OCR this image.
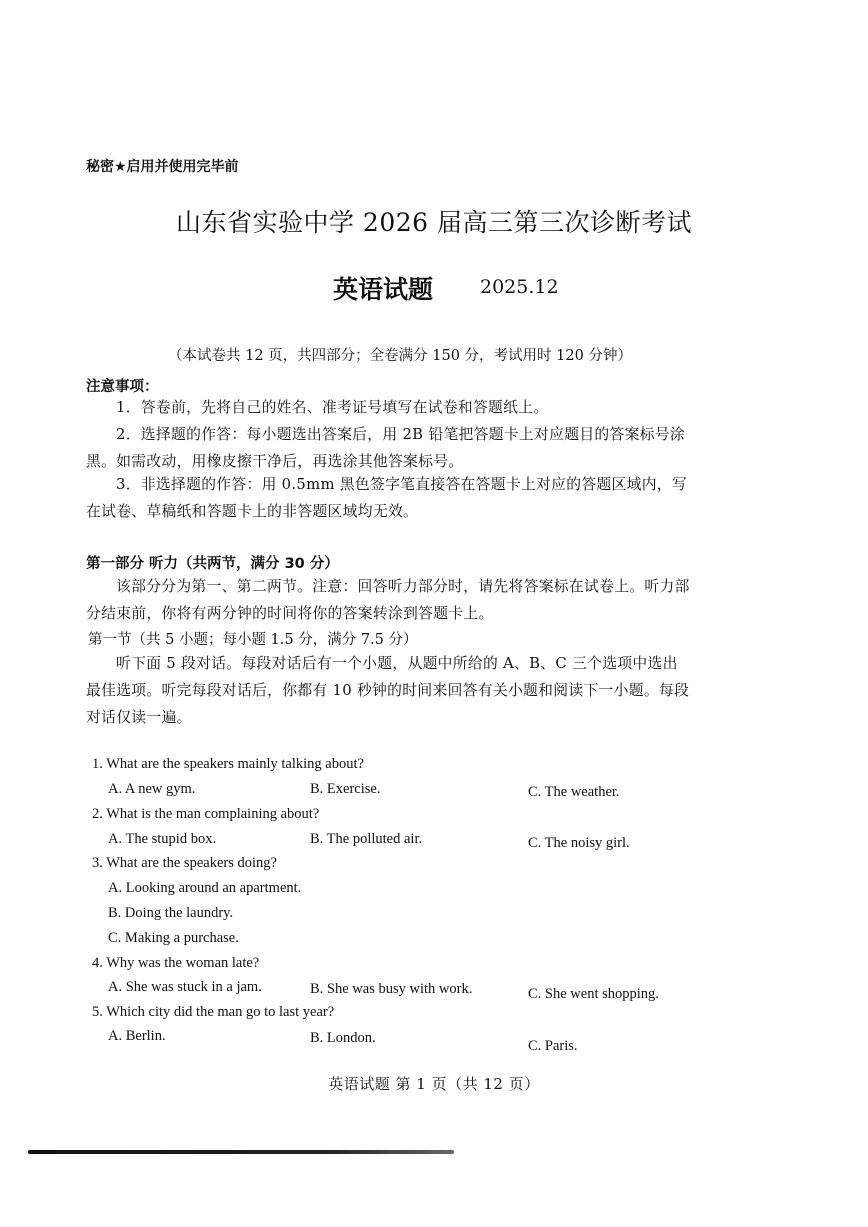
秘密★启用并使用完毕前
山东省实验中学 2026 届高三第三次诊断考试
英语试题 2025.12
（本试卷共 12 页，共四部分；全卷满分 150 分，考试用时 120 分钟）
注意事项：
1．答卷前，先将自己的姓名、准考证号填写在试卷和答题纸上。
2．选择题的作答：每小题选出答案后，用 2B 铅笔把答题卡上对应题目的答案标号涂黑。如需改动，用橡皮擦干净后，再选涂其他答案标号。
3．非选择题的作答：用 0.5mm 黑色签字笔直接答在答题卡上对应的答题区域内，写在试卷、草稿纸和答题卡上的非答题区域均无效。
第一部分 听力（共两节，满分 30 分）
该部分分为第一、第二两节。注意：回答听力部分时，请先将答案标在试卷上。听力部分结束前，你将有两分钟的时间将你的答案转涂到答题卡上。
第一节（共 5 小题；每小题 1.5 分，满分 7.5 分）
听下面 5 段对话。每段对话后有一个小题，从题中所给的 A、B、C 三个选项中选出最佳选项。听完每段对话后，你都有 10 秒钟的时间来回答有关小题和阅读下一小题。每段对话仅读一遍。
1. What are the speakers mainly talking about?
A. A new gym.	B. Exercise.	C. The weather.
2. What is the man complaining about?
A. The stupid box.	B. The polluted air.	C. The noisy girl.
3. What are the speakers doing?
A. Looking around an apartment.
B. Doing the laundry.
C. Making a purchase.
4. Why was the woman late?
A. She was stuck in a jam.	B. She was busy with work.	C. She went shopping.
5. Which city did the man go to last year?
A. Berlin.	B. London.	C. Paris.
英语试题 第 1 页（共 12 页）
